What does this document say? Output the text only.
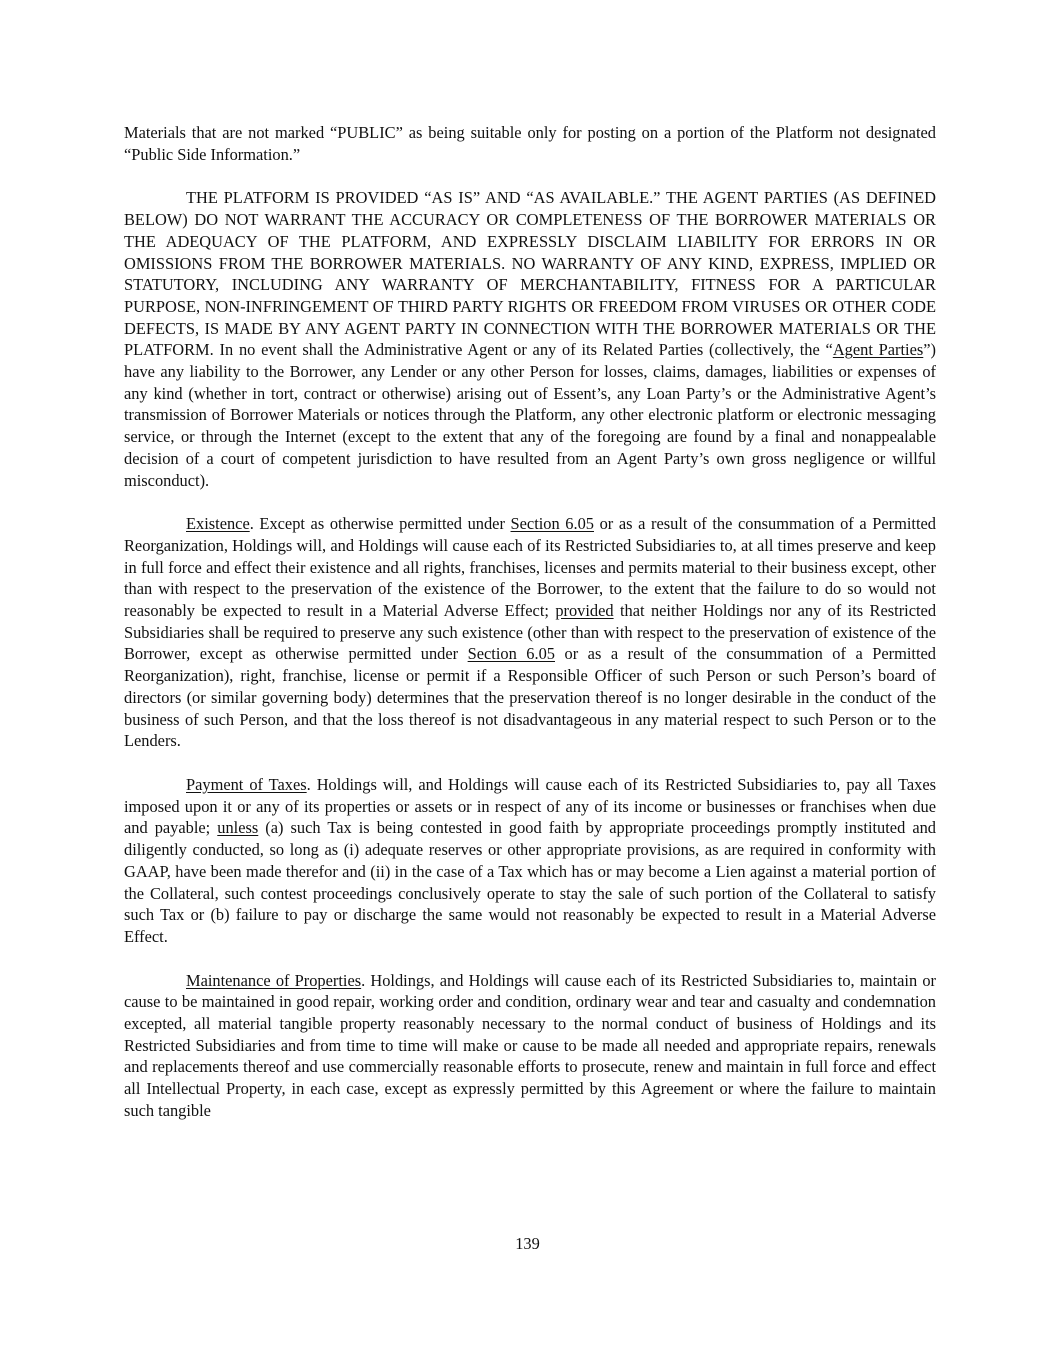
Materials that are not marked “PUBLIC” as being suitable only for posting on a portion of the Platform not designated “Public Side Information.”

THE PLATFORM IS PROVIDED “AS IS” AND “AS AVAILABLE.” THE AGENT PARTIES (AS DEFINED BELOW) DO NOT WARRANT THE ACCURACY OR COMPLETENESS OF THE BORROWER MATERIALS OR THE ADEQUACY OF THE PLATFORM, AND EXPRESSLY DISCLAIM LIABILITY FOR ERRORS IN OR OMISSIONS FROM THE BORROWER MATERIALS. NO WARRANTY OF ANY KIND, EXPRESS, IMPLIED OR STATUTORY, INCLUDING ANY WARRANTY OF MERCHANTABILITY, FITNESS FOR A PARTICULAR PURPOSE, NON-INFRINGEMENT OF THIRD PARTY RIGHTS OR FREEDOM FROM VIRUSES OR OTHER CODE DEFECTS, IS MADE BY ANY AGENT PARTY IN CONNECTION WITH THE BORROWER MATERIALS OR THE PLATFORM. In no event shall the Administrative Agent or any of its Related Parties (collectively, the “Agent Parties”) have any liability to the Borrower, any Lender or any other Person for losses, claims, damages, liabilities or expenses of any kind (whether in tort, contract or otherwise) arising out of Essent’s, any Loan Party’s or the Administrative Agent’s transmission of Borrower Materials or notices through the Platform, any other electronic platform or electronic messaging service, or through the Internet (except to the extent that any of the foregoing are found by a final and nonappealable decision of a court of competent jurisdiction to have resulted from an Agent Party’s own gross negligence or willful misconduct).

Existence. Except as otherwise permitted under Section 6.05 or as a result of the consummation of a Permitted Reorganization, Holdings will, and Holdings will cause each of its Restricted Subsidiaries to, at all times preserve and keep in full force and effect their existence and all rights, franchises, licenses and permits material to their business except, other than with respect to the preservation of the existence of the Borrower, to the extent that the failure to do so would not reasonably be expected to result in a Material Adverse Effect; provided that neither Holdings nor any of its Restricted Subsidiaries shall be required to preserve any such existence (other than with respect to the preservation of existence of the Borrower, except as otherwise permitted under Section 6.05 or as a result of the consummation of a Permitted Reorganization), right, franchise, license or permit if a Responsible Officer of such Person or such Person’s board of directors (or similar governing body) determines that the preservation thereof is no longer desirable in the conduct of the business of such Person, and that the loss thereof is not disadvantageous in any material respect to such Person or to the Lenders.

Payment of Taxes. Holdings will, and Holdings will cause each of its Restricted Subsidiaries to, pay all Taxes imposed upon it or any of its properties or assets or in respect of any of its income or businesses or franchises when due and payable; unless (a) such Tax is being contested in good faith by appropriate proceedings promptly instituted and diligently conducted, so long as (i) adequate reserves or other appropriate provisions, as are required in conformity with GAAP, have been made therefor and (ii) in the case of a Tax which has or may become a Lien against a material portion of the Collateral, such contest proceedings conclusively operate to stay the sale of such portion of the Collateral to satisfy such Tax or (b) failure to pay or discharge the same would not reasonably be expected to result in a Material Adverse Effect.

Maintenance of Properties. Holdings, and Holdings will cause each of its Restricted Subsidiaries to, maintain or cause to be maintained in good repair, working order and condition, ordinary wear and tear and casualty and condemnation excepted, all material tangible property reasonably necessary to the normal conduct of business of Holdings and its Restricted Subsidiaries and from time to time will make or cause to be made all needed and appropriate repairs, renewals and replacements thereof and use commercially reasonable efforts to prosecute, renew and maintain in full force and effect all Intellectual Property, in each case, except as expressly permitted by this Agreement or where the failure to maintain such tangible

139
